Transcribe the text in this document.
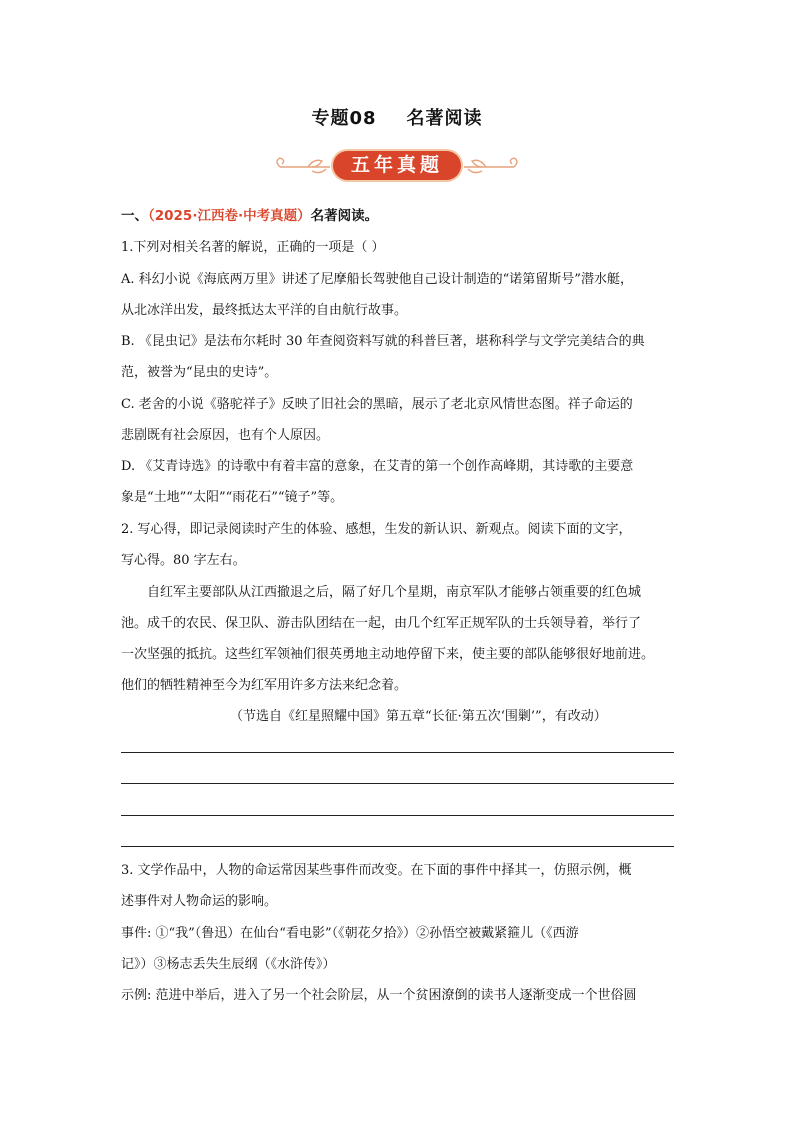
专题08 名著阅读
五年真题
一、（2025·江西卷·中考真题）名著阅读。
1.下列对相关名著的解说，正确的一项是（ ）
A. 科幻小说《海底两万里》讲述了尼摩船长驾驶他自己设计制造的“诺第留斯号”潜水艇，
从北冰洋出发，最终抵达太平洋的自由航行故事。
B. 《昆虫记》是法布尔耗时 30 年查阅资料写就的科普巨著，堪称科学与文学完美结合的典
范，被誉为“昆虫的史诗”。
C. 老舍的小说《骆驼祥子》反映了旧社会的黑暗，展示了老北京风情世态图。祥子命运的
悲剧既有社会原因，也有个人原因。
D. 《艾青诗选》的诗歌中有着丰富的意象，在艾青的第一个创作高峰期，其诗歌的主要意
象是“土地”“太阳”“雨花石”“镜子”等。
2. 写心得，即记录阅读时产生的体验、感想，生发的新认识、新观点。阅读下面的文字，
写心得。80 字左右。
自红军主要部队从江西撤退之后，隔了好几个星期，南京军队才能够占领重要的红色城
池。成千的农民、保卫队、游击队团结在一起，由几个红军正规军队的士兵领导着，举行了
一次坚强的抵抗。这些红军领袖们很英勇地主动地停留下来，使主要的部队能够很好地前进。
他们的牺牲精神至今为红军用许多方法来纪念着。
（节选自《红星照耀中国》第五章“长征·第五次‘围剿’”，有改动）
3. 文学作品中，人物的命运常因某些事件而改变。在下面的事件中择其一，仿照示例，概
述事件对人物命运的影响。
事件: ①“我”（鲁迅）在仙台“看电影”（《朝花夕拾》）②孙悟空被戴紧箍儿（《西游
记》）③杨志丢失生辰纲（《水浒传》）
示例: 范进中举后，进入了另一个社会阶层，从一个贫困潦倒的读书人逐渐变成一个世俗圆
